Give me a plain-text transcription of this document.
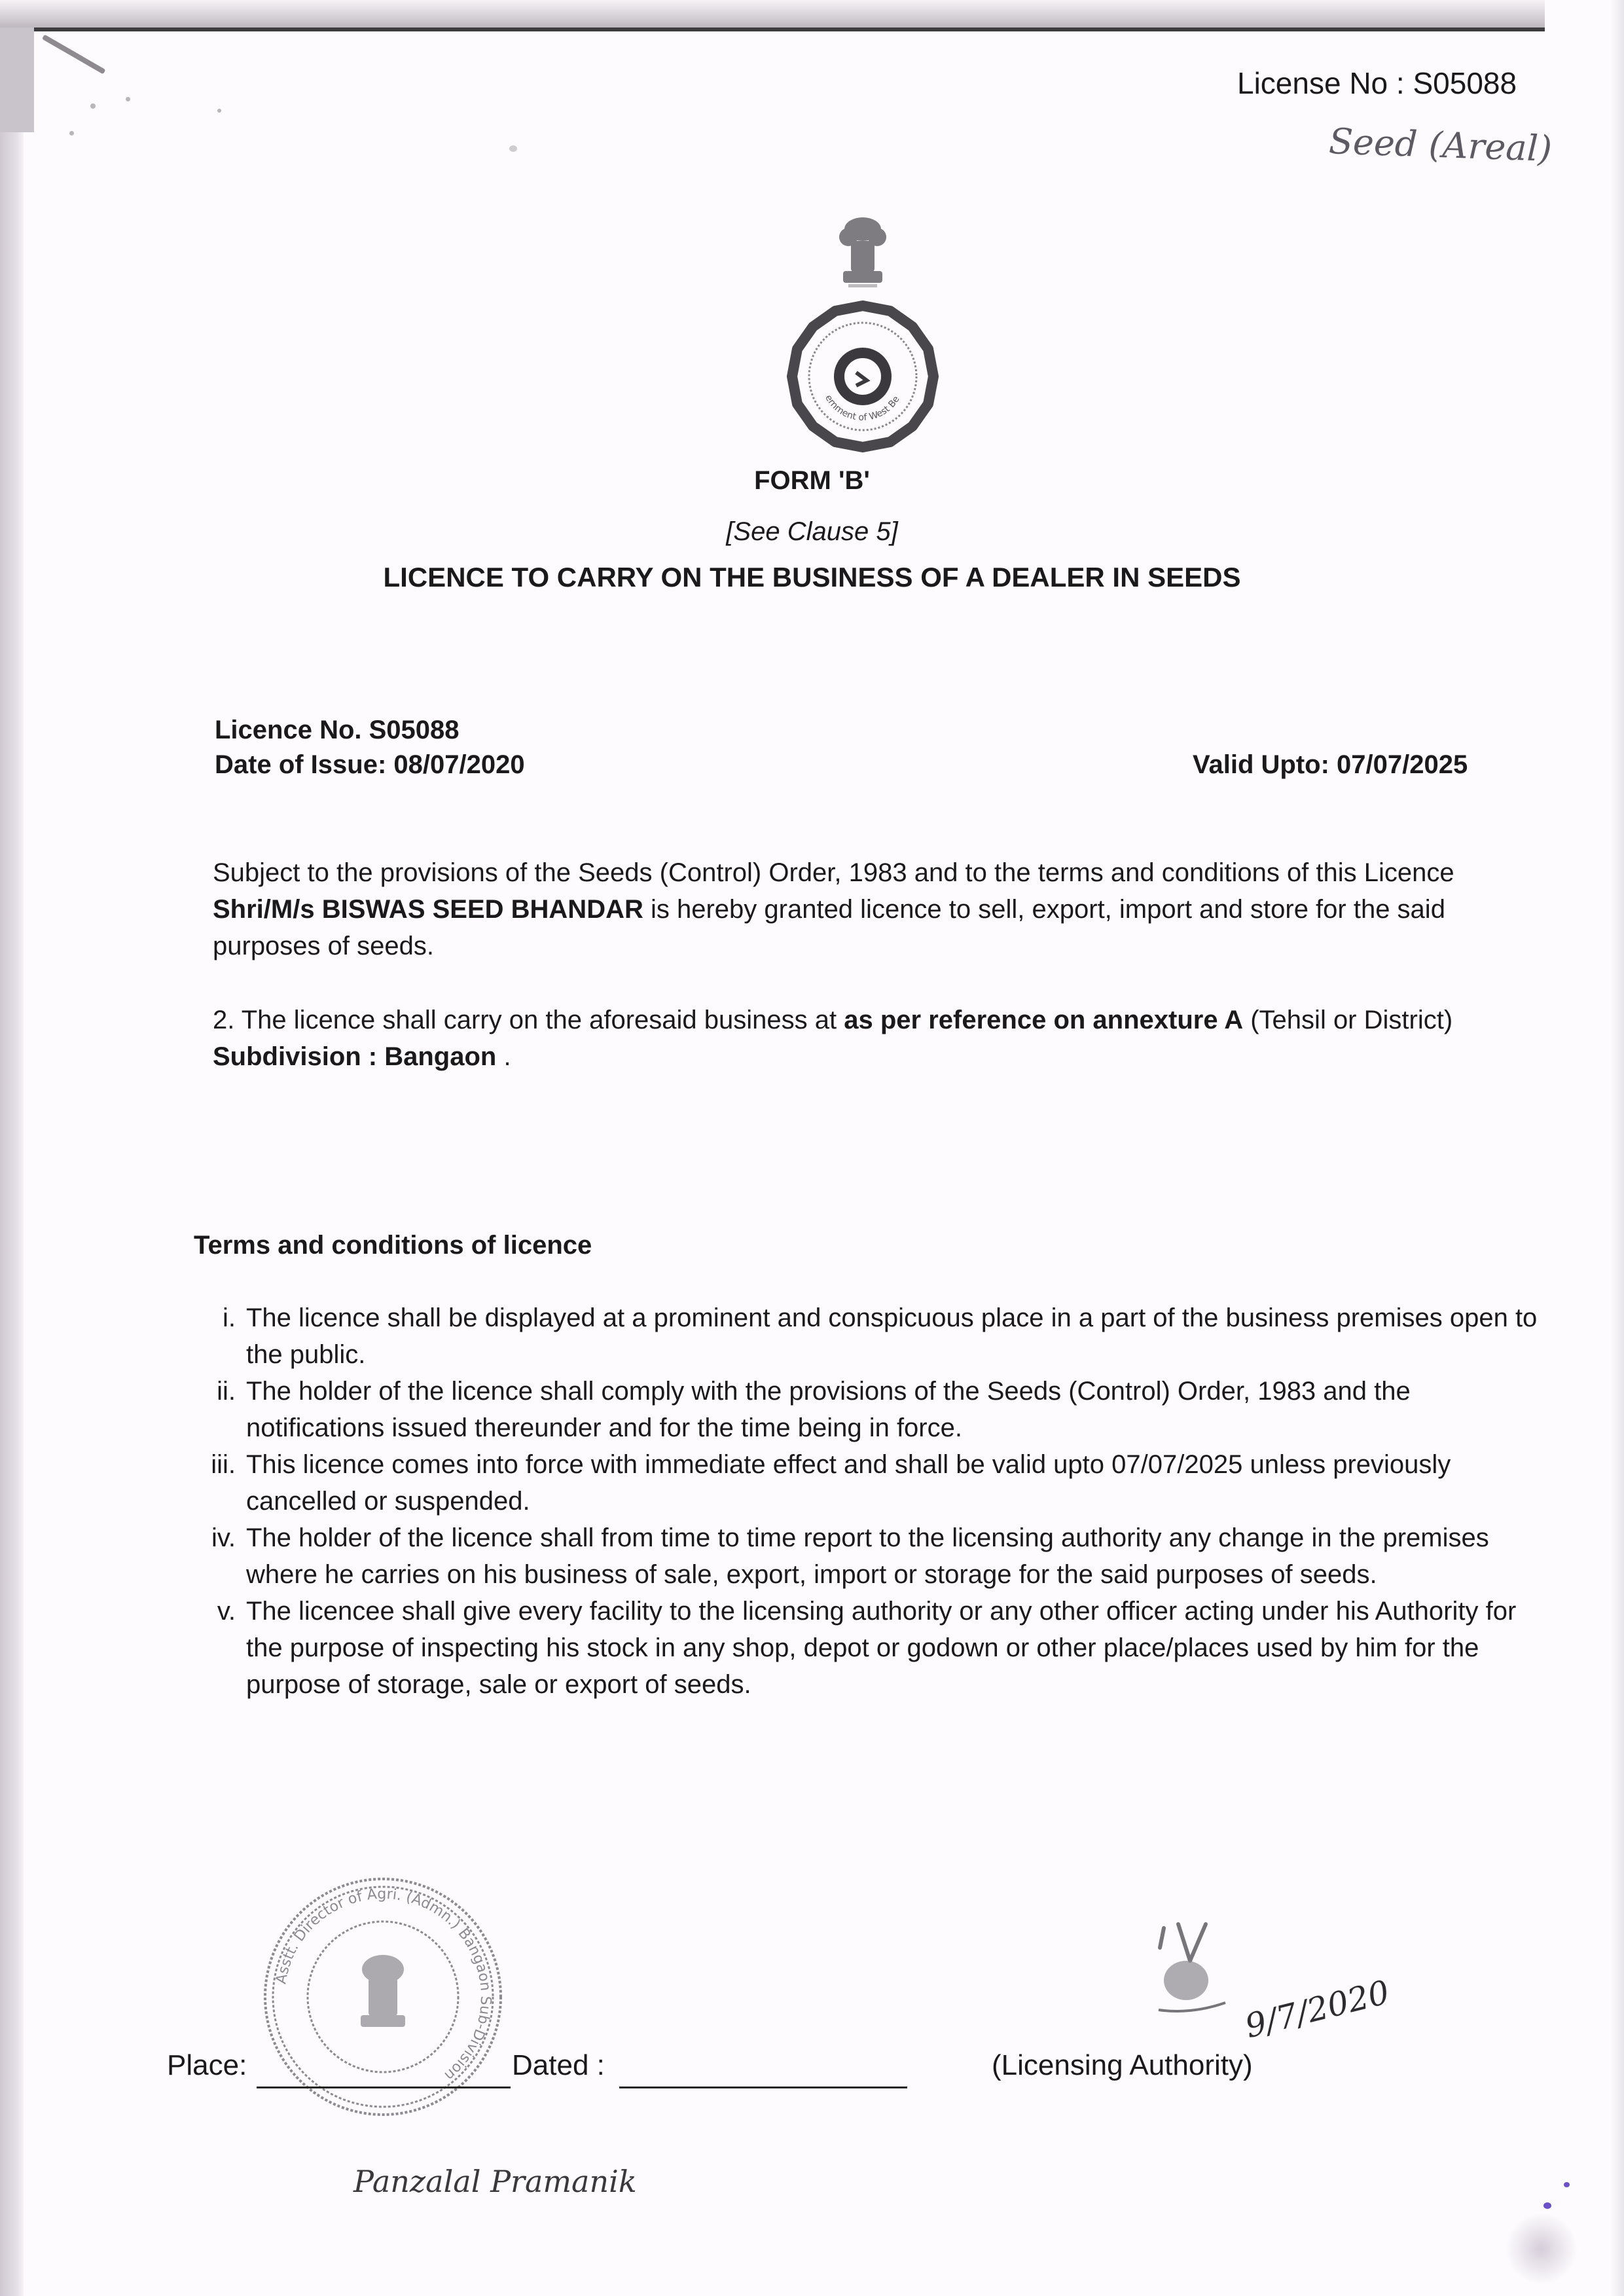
License No : S05088
Seed (Areal)
Government of West Bengal
FORM 'B'
[See Clause 5]
LICENCE TO CARRY ON THE BUSINESS OF A DEALER IN SEEDS
Licence No. S05088
Date of Issue: 08/07/2020	Valid Upto: 07/07/2025
Subject to the provisions of the Seeds (Control) Order, 1983 and to the terms and conditions of this Licence Shri/M/s BISWAS SEED BHANDAR is hereby granted licence to sell, export, import and store for the said purposes of seeds.
2. The licence shall carry on the aforesaid business at as per reference on annexture A (Tehsil or District) Subdivision : Bangaon .
Terms and conditions of licence
i. The licence shall be displayed at a prominent and conspicuous place in a part of the business premises open to the public.
ii. The holder of the licence shall comply with the provisions of the Seeds (Control) Order, 1983 and the notifications issued thereunder and for the time being in force.
iii. This licence comes into force with immediate effect and shall be valid upto 07/07/2025 unless previously cancelled or suspended.
iv. The holder of the licence shall from time to time report to the licensing authority any change in the premises where he carries on his business of sale, export, import or storage for the said purposes of seeds.
v. The licencee shall give every facility to the licensing authority or any other officer acting under his Authority for the purpose of inspecting his stock in any shop, depot or godown or other place/places used by him for the purpose of storage, sale or export of seeds.
Asstt. Director of Agri. (Admn.) Bangaon Sub-Division
Place:	Dated :	(Licensing Authority)
9/7/2020
Panzalal Pramanik
